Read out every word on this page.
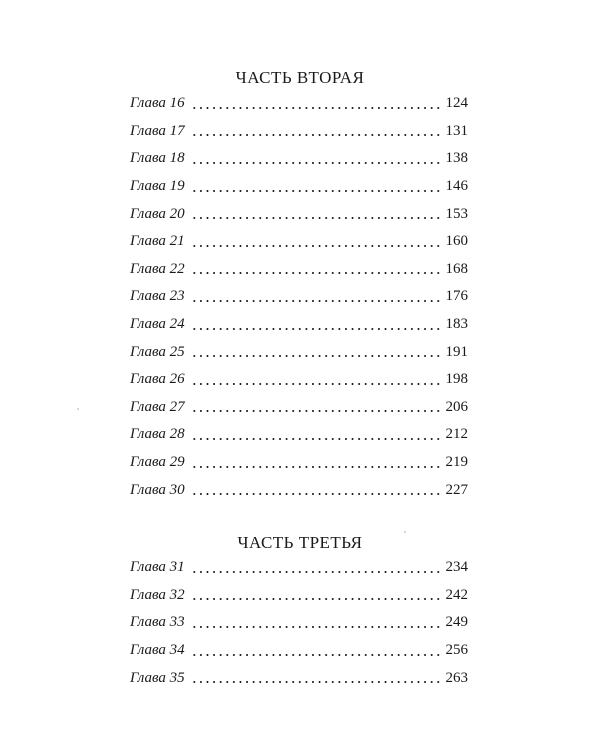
ЧАСТЬ ВТОРАЯ
Глава 16	124
Глава 17	131
Глава 18	138
Глава 19	146
Глава 20	153
Глава 21	160
Глава 22	168
Глава 23	176
Глава 24	183
Глава 25	191
Глава 26	198
Глава 27	206
Глава 28	212
Глава 29	219
Глава 30	227
ЧАСТЬ ТРЕТЬЯ
Глава 31	234
Глава 32	242
Глава 33	249
Глава 34	256
Глава 35	263
